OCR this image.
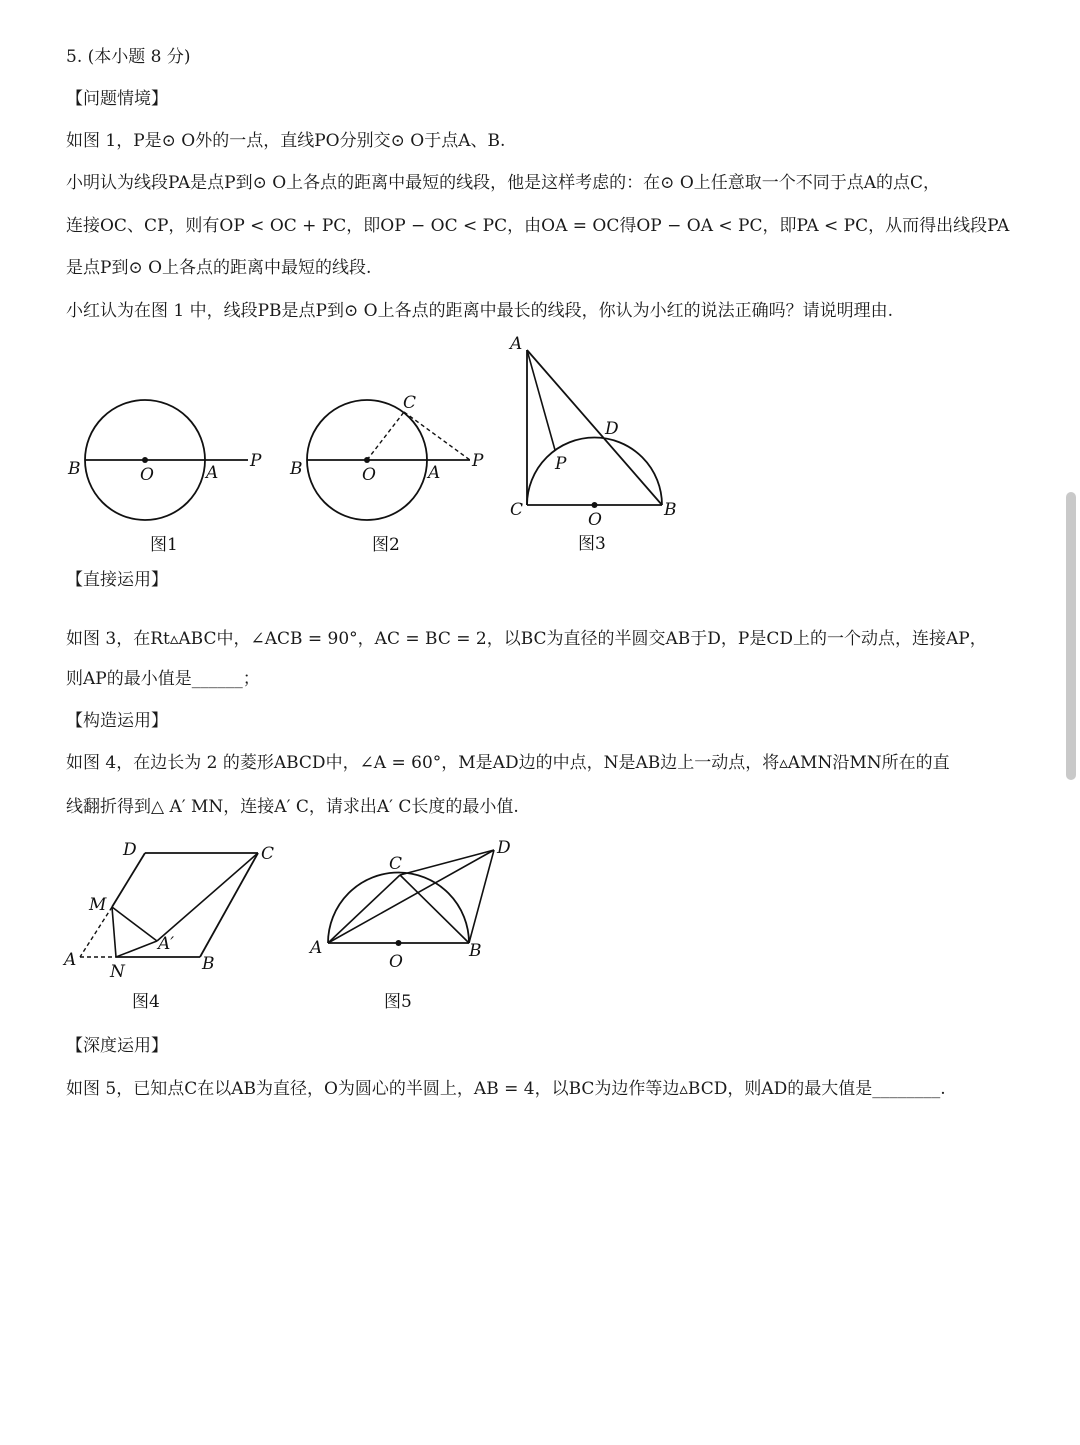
5. (本小题 8 分)
【问题情境】
如图 1，P是⊙ O外的一点，直线PO分别交⊙ O于点A、B.
小明认为线段PA是点P到⊙ O上各点的距离中最短的线段，他是这样考虑的：在⊙ O上任意取一个不同于点A的点C，
连接OC、CP，则有OP < OC + PC，即OP − OC < PC，由OA = OC得OP − OA < PC，即PA < PC，从而得出线段PA
是点P到⊙ O上各点的距离中最短的线段.
小红认为在图 1 中，线段PB是点P到⊙ O上各点的距离中最长的线段，你认为小红的说法正确吗？请说明理由.
B	O	A
P
图1
B	O	A
P
C
图2
A
D
P
C	O	B
图3
【直接运用】
如图 3，在Rt▵ABC中，∠ACB = 90°，AC = BC = 2，以BC为直径的半圆交AB于D，P是CD上的一个动点，连接AP，
则AP的最小值是______；
【构造运用】
如图 4，在边长为 2 的菱形ABCD中，∠A = 60°，M是AD边的中点，N是AB边上一动点，将▵AMN沿MN所在的直
线翻折得到△ A′ MN，连接A′ C，请求出A′ C长度的最小值.
D	C
M
A
A′
N	B
图4
C
D
A
O
B
图5
【深度运用】
如图 5，已知点C在以AB为直径，O为圆心的半圆上，AB = 4，以BC为边作等边▵BCD，则AD的最大值是________.
